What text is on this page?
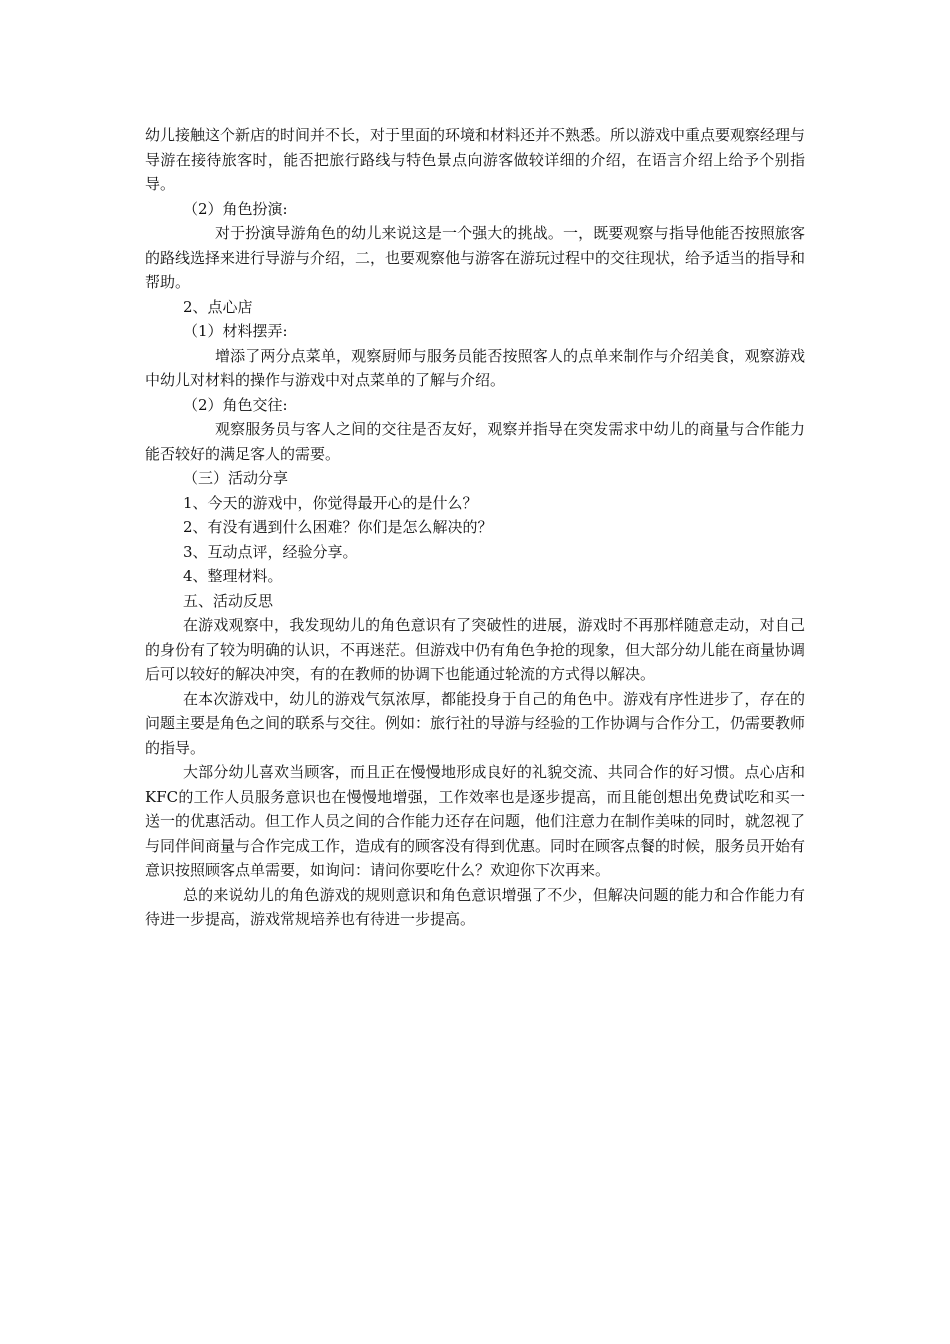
幼儿接触这个新店的时间并不长，对于里面的环境和材料还并不熟悉。所以游戏中重点要观察经理与导游在接待旅客时，能否把旅行路线与特色景点向游客做较详细的介绍，在语言介绍上给予个别指导。

（2）角色扮演:

对于扮演导游角色的幼儿来说这是一个强大的挑战。一，既要观察与指导他能否按照旅客的路线选择来进行导游与介绍，二，也要观察他与游客在游玩过程中的交往现状，给予适当的指导和帮助。

2、点心店

（1）材料摆弄:

增添了两分点菜单，观察厨师与服务员能否按照客人的点单来制作与介绍美食，观察游戏中幼儿对材料的操作与游戏中对点菜单的了解与介绍。

（2）角色交往:

观察服务员与客人之间的交往是否友好，观察并指导在突发需求中幼儿的商量与合作能力能否较好的满足客人的需要。

（三）活动分享

1、今天的游戏中，你觉得最开心的是什么？

2、有没有遇到什么困难？你们是怎么解决的？

3、互动点评，经验分享。

4、整理材料。

五、活动反思

在游戏观察中，我发现幼儿的角色意识有了突破性的进展，游戏时不再那样随意走动，对自己的身份有了较为明确的认识，不再迷茫。但游戏中仍有角色争抢的现象，但大部分幼儿能在商量协调后可以较好的解决冲突，有的在教师的协调下也能通过轮流的方式得以解决。

在本次游戏中，幼儿的游戏气氛浓厚，都能投身于自己的角色中。游戏有序性进步了，存在的问题主要是角色之间的联系与交往。例如：旅行社的导游与经验的工作协调与合作分工，仍需要教师的指导。

大部分幼儿喜欢当顾客，而且正在慢慢地形成良好的礼貌交流、共同合作的好习惯。点心店和KFC的工作人员服务意识也在慢慢地增强，工作效率也是逐步提高，而且能创想出免费试吃和买一送一的优惠活动。但工作人员之间的合作能力还存在问题，他们注意力在制作美味的同时，就忽视了与同伴间商量与合作完成工作，造成有的顾客没有得到优惠。同时在顾客点餐的时候，服务员开始有意识按照顾客点单需要，如询问：请问你要吃什么？欢迎你下次再来。

总的来说幼儿的角色游戏的规则意识和角色意识增强了不少，但解决问题的能力和合作能力有待进一步提高，游戏常规培养也有待进一步提高。
